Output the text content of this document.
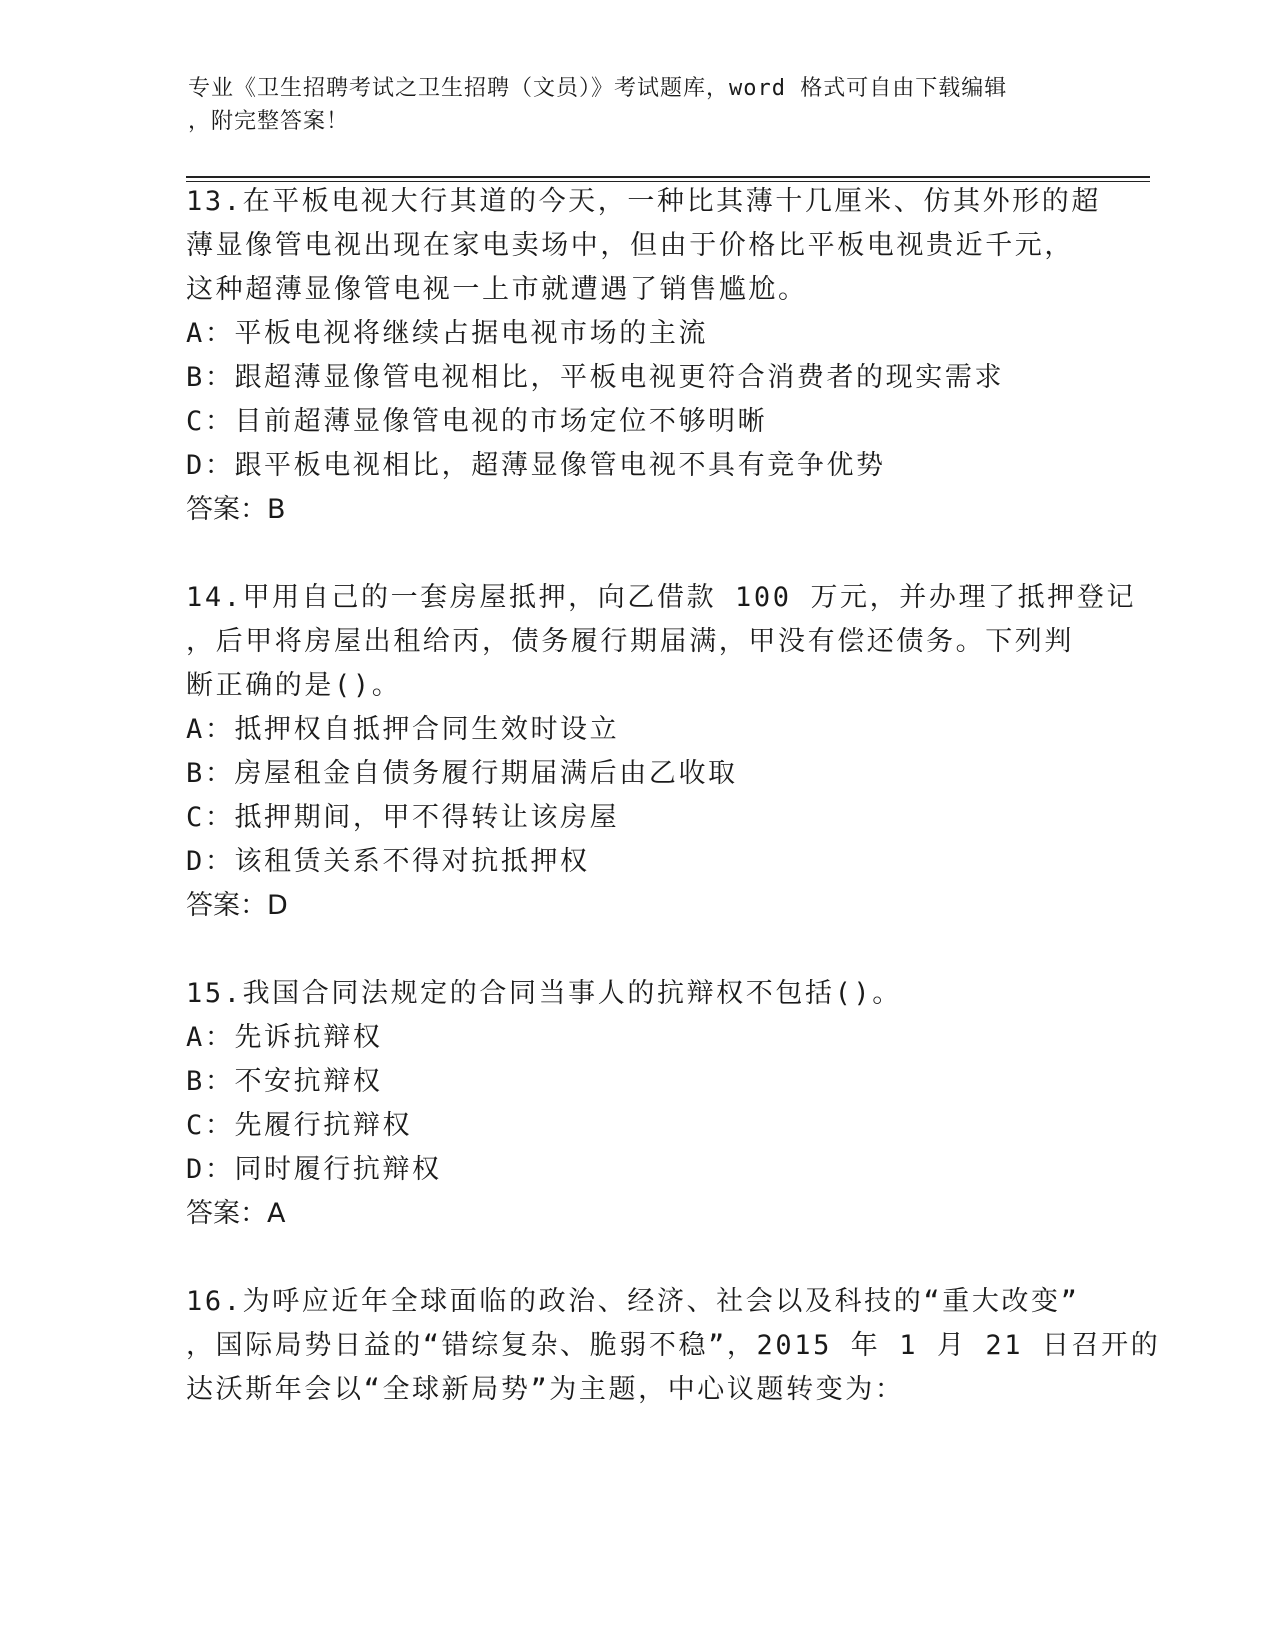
专业《卫生招聘考试之卫生招聘（文员）》考试题库，word 格式可自由下载编辑
，附完整答案！
13.在平板电视大行其道的今天，一种比其薄十几厘米、仿其外形的超
薄显像管电视出现在家电卖场中，但由于价格比平板电视贵近千元，
这种超薄显像管电视一上市就遭遇了销售尴尬。
A：平板电视将继续占据电视市场的主流
B：跟超薄显像管电视相比，平板电视更符合消费者的现实需求
C：目前超薄显像管电视的市场定位不够明晰
D：跟平板电视相比，超薄显像管电视不具有竞争优势
答案：B
14.甲用自己的一套房屋抵押，向乙借款 100 万元，并办理了抵押登记
，后甲将房屋出租给丙，债务履行期届满，甲没有偿还债务。下列判
断正确的是()。
A：抵押权自抵押合同生效时设立
B：房屋租金自债务履行期届满后由乙收取
C：抵押期间，甲不得转让该房屋
D：该租赁关系不得对抗抵押权
答案：D
15.我国合同法规定的合同当事人的抗辩权不包括()。
A：先诉抗辩权
B：不安抗辩权
C：先履行抗辩权
D：同时履行抗辩权
答案：A
16.为呼应近年全球面临的政治、经济、社会以及科技的“重大改变”
，国际局势日益的“错综复杂、脆弱不稳”，2015 年 1 月 21 日召开的
达沃斯年会以“全球新局势”为主题，中心议题转变为：
